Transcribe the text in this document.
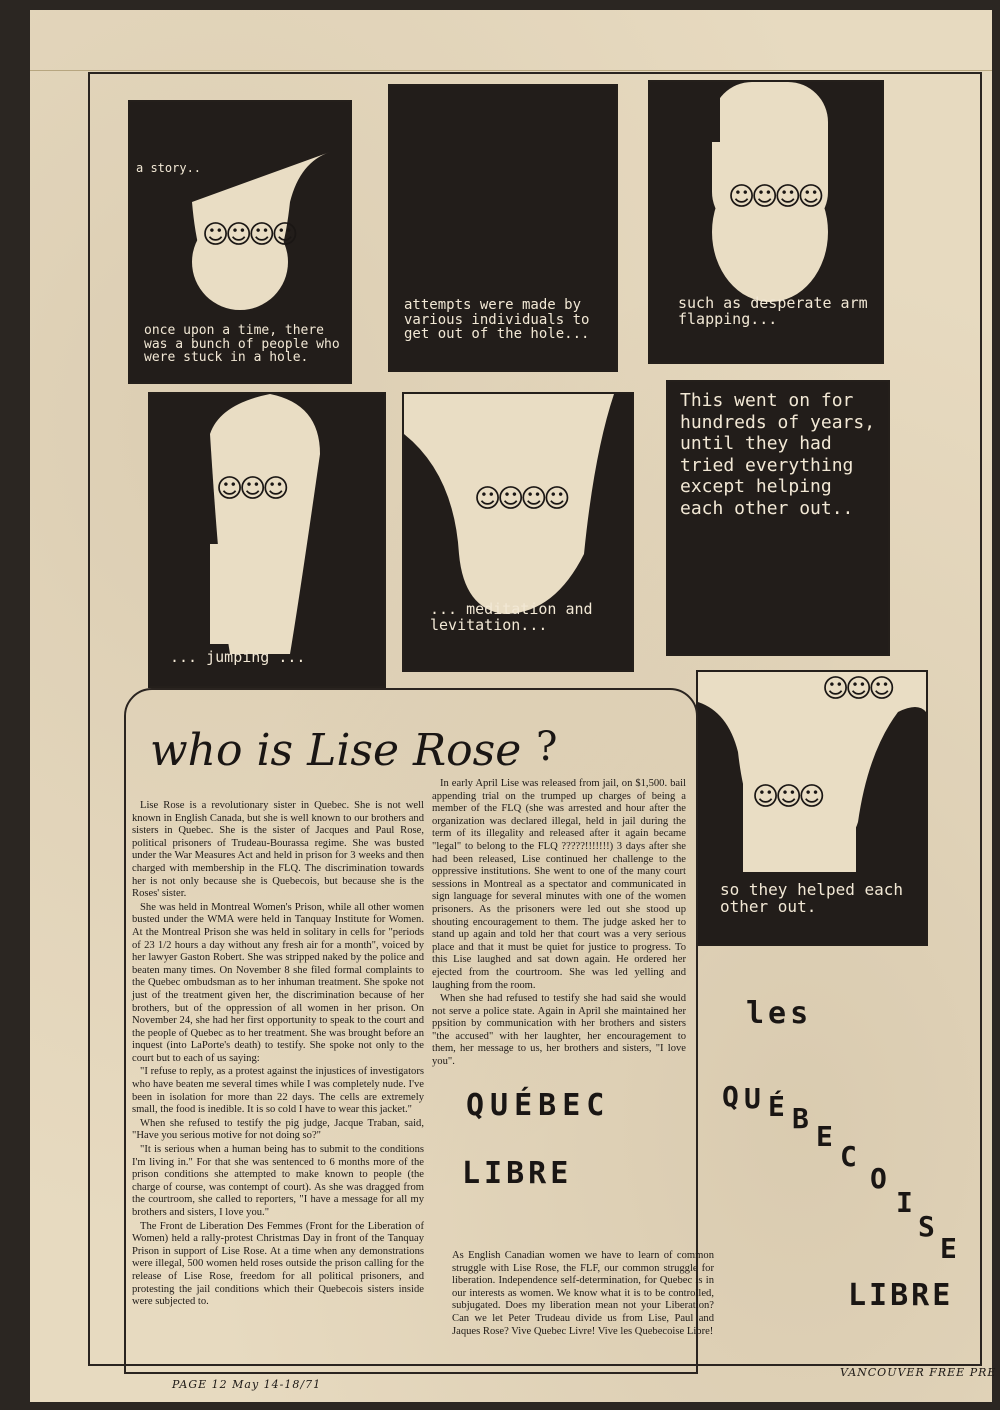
☺☺☺☺
a story..
once upon a time, there was a bunch of people who were stuck in a hole.
attempts were made by various individuals to get out of the hole...
☺☺☺☺
such as desperate arm flapping...
☺☺☺
... jumping ...
☺☺☺☺
... meditation and levitation...
This went on for hundreds of years, until they had tried everything except helping each other out..
☺☺☺
☺☺☺
so they helped each other out.
who is Lise Rose ?

Lise Rose is a revolutionary sister in Quebec. She is not well known in English Canada, but she is well known to our brothers and sisters in Quebec. She is the sister of Jacques and Paul Rose, political prisoners of Trudeau-Bourassa regime. She was busted under the War Measures Act and held in prison for 3 weeks and then charged with membership in the FLQ. The discrimination towards her is not only because she is Quebecois, but because she is the Roses' sister.

She was held in Montreal Women's Prison, while all other women busted under the WMA were held in Tanquay Institute for Women. At the Montreal Prison she was held in solitary in cells for "periods of 23 1/2 hours a day without any fresh air for a month", voiced by her lawyer Gaston Robert. She was stripped naked by the police and beaten many times. On November 8 she filed formal complaints to the Quebec ombudsman as to her inhuman treatment. She spoke not just of the treatment given her, the discrimination because of her brothers, but of the oppression of all women in her prison. On November 24, she had her first opportunity to speak to the court and the people of Quebec as to her treatment. She was brought before an inquest (into LaPorte's death) to testify. She spoke not only to the court but to each of us saying:

"I refuse to reply, as a protest against the injustices of investigators who have beaten me several times while I was completely nude. I've been in isolation for more than 22 days. The cells are extremely small, the food is inedible. It is so cold I have to wear this jacket."

When she refused to testify the pig judge, Jacque Traban, said, "Have you serious motive for not doing so?"

"It is serious when a human being has to submit to the conditions I'm living in." For that she was sentenced to 6 months more of the prison conditions she attempted to make known to people (the charge of course, was contempt of court). As she was dragged from the courtroom, she called to reporters, "I have a message for all my brothers and sisters, I love you."

The Front de Liberation Des Femmes (Front for the Liberation of Women) held a rally-protest Christmas Day in front of the Tanquay Prison in support of Lise Rose. At a time when any demonstrations were illegal, 500 women held roses outside the prison calling for the release of Lise Rose, freedom for all political prisoners, and protesting the jail conditions which their Quebecois sisters inside were subjected to.

In early April Lise was released from jail, on $1,500. bail appending trial on the trumped up charges of being a member of the FLQ (she was arrested and hour after the organization was declared illegal, held in jail during the term of its illegality and released after it again became "legal" to belong to the FLQ ?????!!!!!!!) 3 days after she had been released, Lise continued her challenge to the oppressive institutions. She went to one of the many court sessions in Montreal as a spectator and communicated in sign language for several minutes with one of the women prisoners. As the prisoners were led out she stood up shouting encouragement to them. The judge asked her to stand up again and told her that court was a very serious place and that it must be quiet for justice to progress. To this Lise laughed and sat down again. He ordered her ejected from the courtroom. She was led yelling and laughing from the room.

When she had refused to testify she had said she would not serve a police state. Again in April she maintained her ppsition by communication with her brothers and sisters "the accused" with her laughter, her encouragement to them, her message to us, her brothers and sisters, "I love you".

QUÉBEC
LIBRE
As English Canadian women we have to learn of common struggle with Lise Rose, the FLF, our common struggle for liberation. Independence self-determination, for Quebec is in our interests as women. We know what it is to be controlled, subjugated. Does my liberation mean not your Liberation? Can we let Peter Trudeau divide us from Lise, Paul and Jaques Rose? Vive Quebec Livre! Vive les Quebecoise Libre!
les
Q U É B
E
C
O
I
S
E
LIBRE
PAGE 12 May 14-18/71
VANCOUVER FREE PRE
